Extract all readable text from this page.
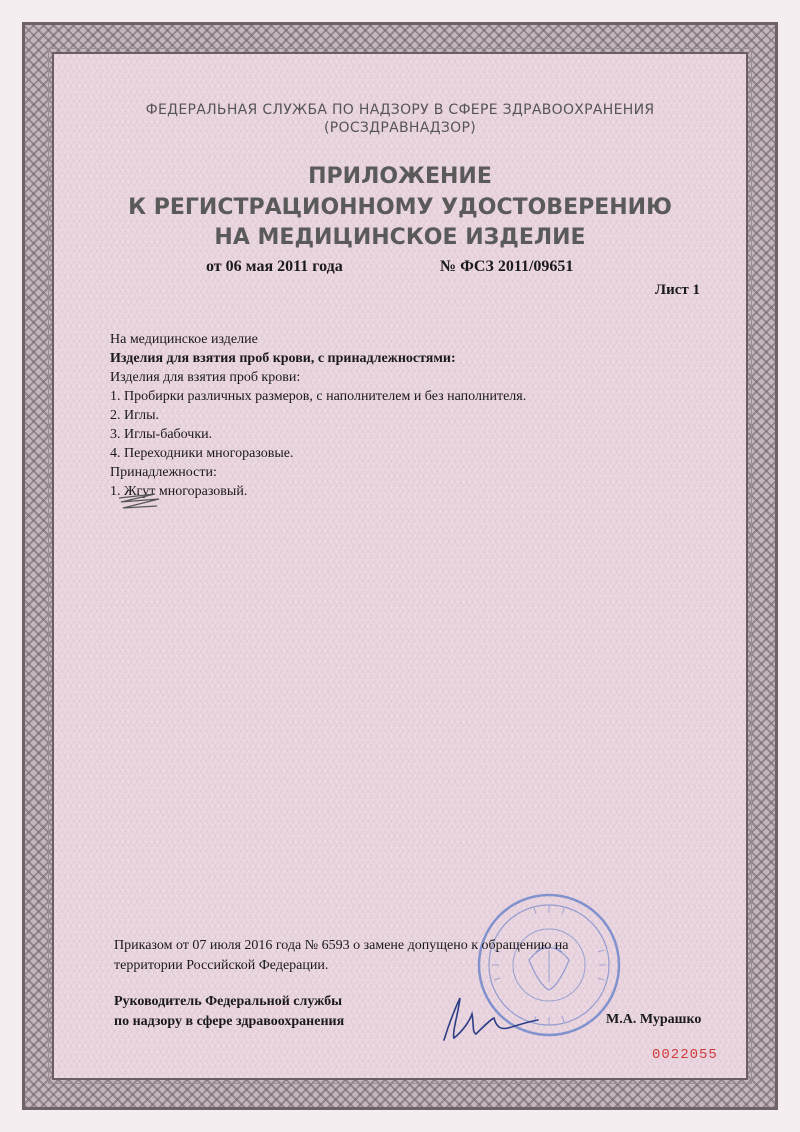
ФЕДЕРАЛЬНАЯ СЛУЖБА ПО НАДЗОРУ В СФЕРЕ ЗДРАВООХРАНЕНИЯ
(РОСЗДРАВНАДЗОР)
ПРИЛОЖЕНИЕ
К РЕГИСТРАЦИОННОМУ УДОСТОВЕРЕНИЮ
НА МЕДИЦИНСКОЕ ИЗДЕЛИЕ
от 06 мая 2011 года	№ ФСЗ 2011/09651
Лист 1
На медицинское изделие
Изделия для взятия проб крови, с принадлежностями:
Изделия для взятия проб крови:
1. Пробирки различных размеров, с наполнителем и без наполнителя.
2. Иглы.
3. Иглы-бабочки.
4. Переходники многоразовые.
Принадлежности:
1. Жгут многоразовый.
Приказом от 07 июля 2016 года № 6593 о замене допущено к обращению на
территории Российской Федерации.
Руководитель Федеральной службы
по надзору в сфере здравоохранения	М.А. Мурашко
0022055
